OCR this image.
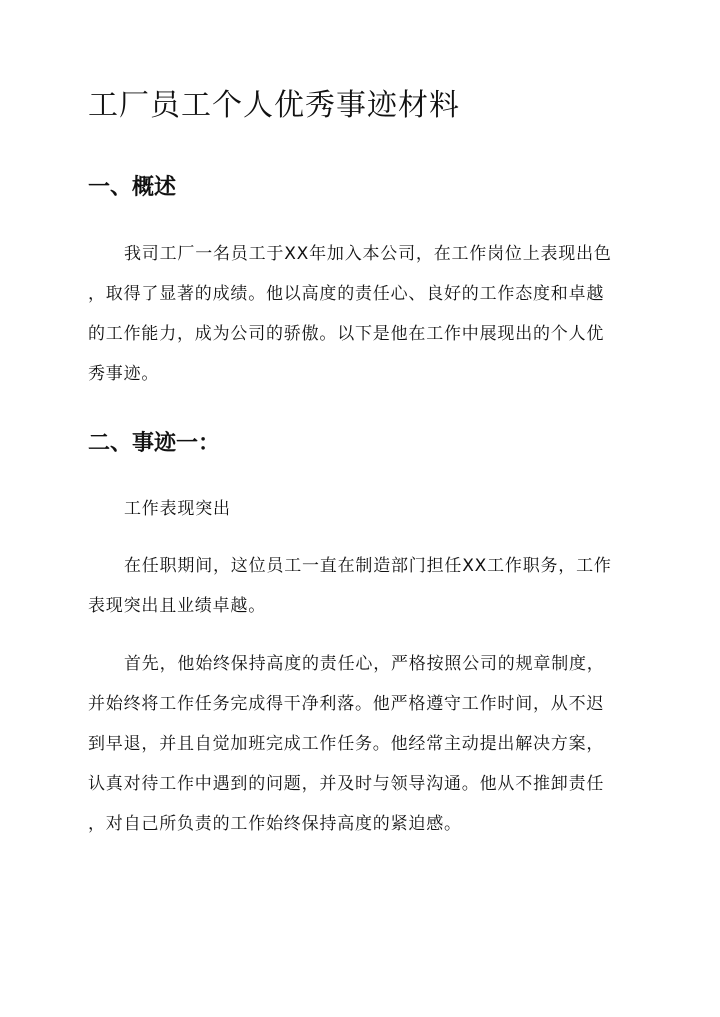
工厂员工个人优秀事迹材料
一、概述
我司工厂一名员工于XX年加入本公司，在工作岗位上表现出色
，取得了显著的成绩。他以高度的责任心、良好的工作态度和卓越
的工作能力，成为公司的骄傲。以下是他在工作中展现出的个人优
秀事迹。
二、事迹一：
工作表现突出
在任职期间，这位员工一直在制造部门担任XX工作职务，工作
表现突出且业绩卓越。
首先，他始终保持高度的责任心，严格按照公司的规章制度，
并始终将工作任务完成得干净利落。他严格遵守工作时间，从不迟
到早退，并且自觉加班完成工作任务。他经常主动提出解决方案，
认真对待工作中遇到的问题，并及时与领导沟通。他从不推卸责任
，对自己所负责的工作始终保持高度的紧迫感。
